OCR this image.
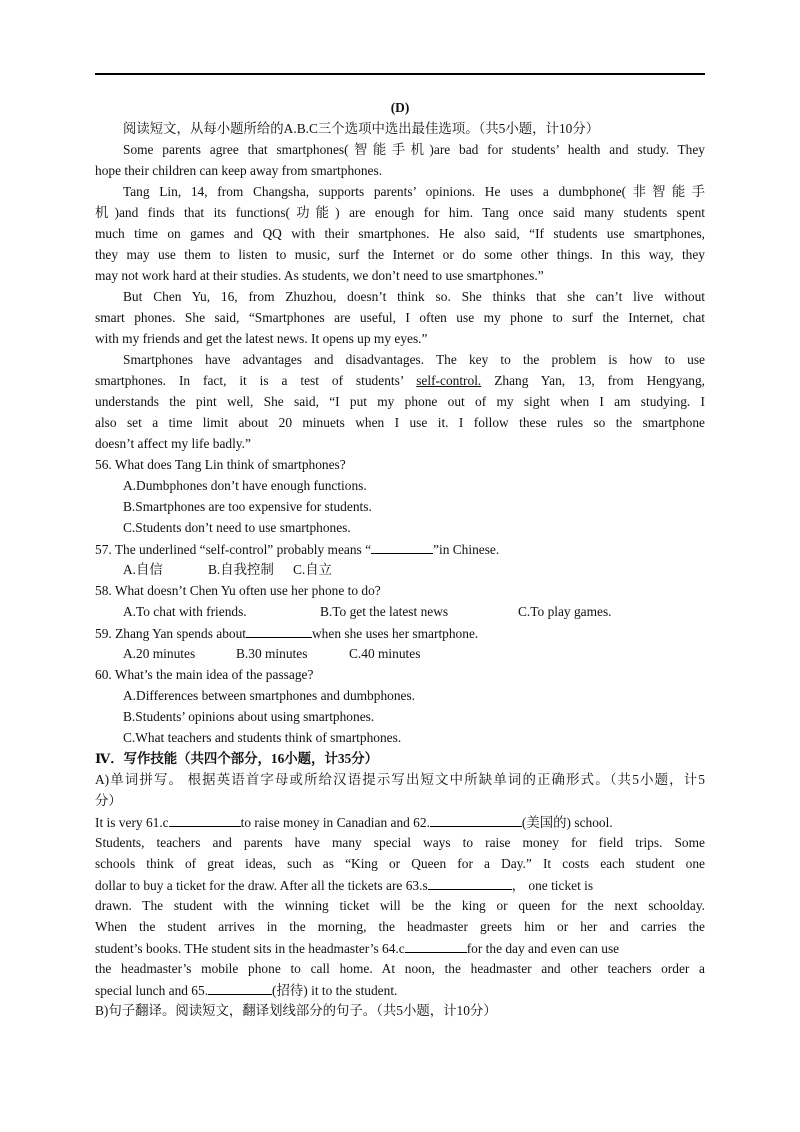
(D)
阅读短文，从每小题所给的A.B.C三个选项中选出最佳选项。（共5小题，计10分）
Some parents agree that smartphones(智能手机)are bad for students’ health and study. They
hope their children can keep away from smartphones.
Tang Lin, 14, from Changsha, supports parents’ opinions. He uses a dumbphone(非智能手
机)and finds that its functions(功能) are enough for him. Tang once said many students spent
much time on games and QQ with their smartphones. He also said, “If students use smartphones,
they may use them to listen to music, surf the Internet or do some other things. In this way, they
may not work hard at their studies. As students, we don’t need to use smartphones.”
But Chen Yu, 16, from Zhuzhou, doesn’t think so. She thinks that she can’t live without
smart phones. She said, “Smartphones are useful, I often use my phone to surf the Internet, chat
with my friends and get the latest news. It opens up my eyes.”
Smartphones have advantages and disadvantages. The key to the problem is how to use
smartphones. In fact, it is a test of students’ self-control. Zhang Yan, 13, from Hengyang,
understands the pint well, She said, “I put my phone out of my sight when I am studying. I
also set a time limit about 20 minuets when I use it. I follow these rules so the smartphone
doesn’t affect my life badly.”
56. What does Tang Lin think of smartphones?
A.Dumbphones don’t have enough functions.
B.Smartphones are too expensive for students.
C.Students don’t need to use smartphones.
57. The underlined “self-control” probably means “	”in Chinese.
A.自信	B.自我控制 C.自立
58. What doesn’t Chen Yu often use her phone to do?
A.To chat with friends.	B.To get the latest news	C.To play games.
59. Zhang Yan spends about	when she uses her smartphone.
A.20 minutes	B.30 minutes	C.40 minutes
60. What’s the main idea of the passage?
A.Differences between smartphones and dumbphones.
B.Students’ opinions about using smartphones.
C.What teachers and students think of smartphones.
Ⅳ．写作技能（共四个部分，16小题，计35分）
A)单词拼写。 根据英语首字母或所给汉语提示写出短文中所缺单词的正确形式。（共5小题，计5
分）
It is very 61.c	to raise money in Canadian and 62.	(美国的) school.
Students, teachers and parents have many special ways to raise money for field trips. Some
schools think of great ideas, such as “King or Queen for a Day.” It costs each student one
dollar to buy a ticket for the draw. After all the tickets are 63.s	， one ticket is
drawn. The student with the winning ticket will be the king or queen for the next schoolday.
When the student arrives in the morning, the headmaster greets him or her and carries the
student’s books. THe student sits in the headmaster’s 64.c	for the day and even can use
the headmaster’s mobile phone to call home. At noon, the headmaster and other teachers order a
special lunch and 65.	(招待) it to the student.
B)句子翻译。阅读短文，翻译划线部分的句子。（共5小题，计10分）
